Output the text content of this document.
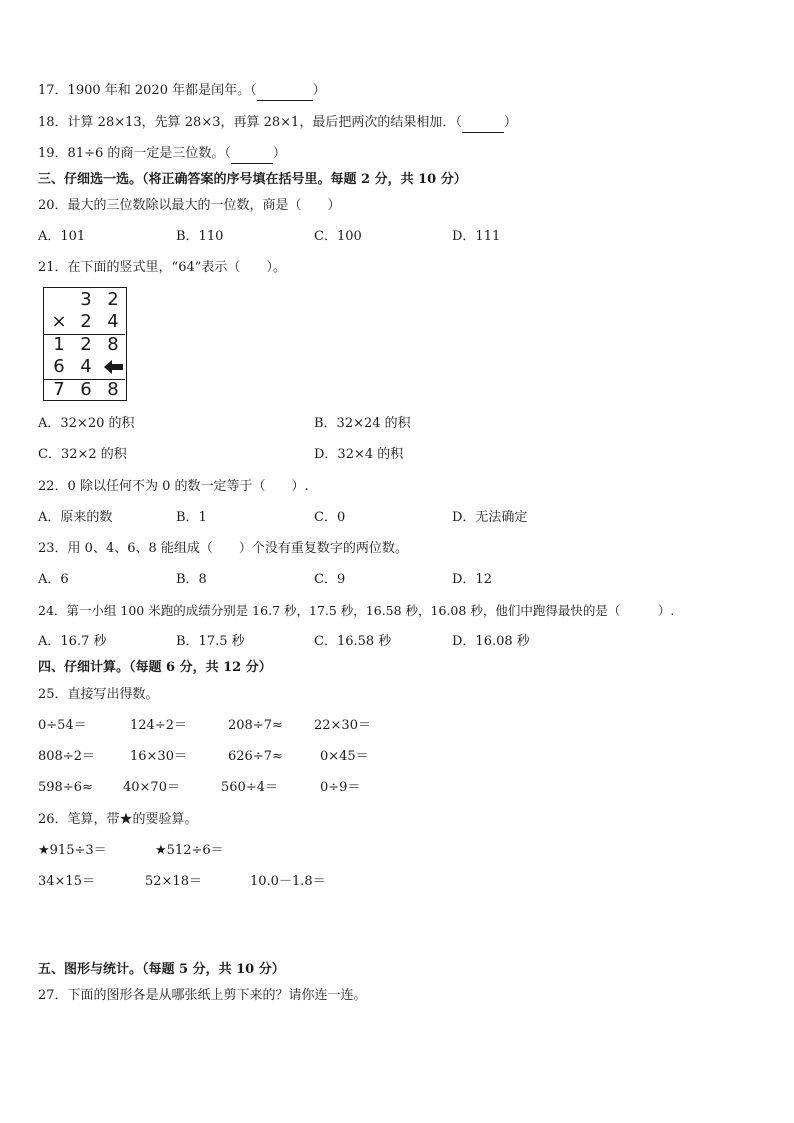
17．1900 年和 2020 年都是闰年。（	）
18．计算 28×13，先算 28×3，再算 28×1，最后把两次的结果相加．（	）
19．81÷6 的商一定是三位数。（	）
三、仔细选一选。（将正确答案的序号填在括号里。每题 2 分，共 10 分）
20．最大的三位数除以最大的一位数，商是（　　）
A．101	B．110	C．100	D．111
21．在下面的竖式里，“64”表示（　　）。
3 2
× 2 4
1 2 8
6 4
7 6 8
A．32×20 的积	B．32×24 的积
C．32×2 的积	D．32×4 的积
22．0 除以任何不为 0 的数一定等于（　　）.
A．原来的数	B．1	C．0	D．无法确定
23．用 0、4、6、8 能组成（　　）个没有重复数字的两位数。
A．6	B．8	C．9	D．12
24．第一小组 100 米跑的成绩分别是 16.7 秒，17.5 秒，16.58 秒，16.08 秒，他们中跑得最快的是（　　　）.
A．16.7 秒	B．17.5 秒	C．16.58 秒	D．16.08 秒
四、仔细计算。（每题 6 分，共 12 分）
25．直接写出得数。
0÷54＝	124÷2＝	208÷7≈ 22×30＝
808÷2＝	16×30＝	626÷7≈	0×45＝
598÷6≈ 40×70＝	560÷4＝	0÷9＝
26．笔算，带★的要验算。
★915÷3＝	★512÷6＝
34×15＝	52×18＝	10.0－1.8＝
五、图形与统计。（每题 5 分，共 10 分）
27．下面的图形各是从哪张纸上剪下来的？请你连一连。
